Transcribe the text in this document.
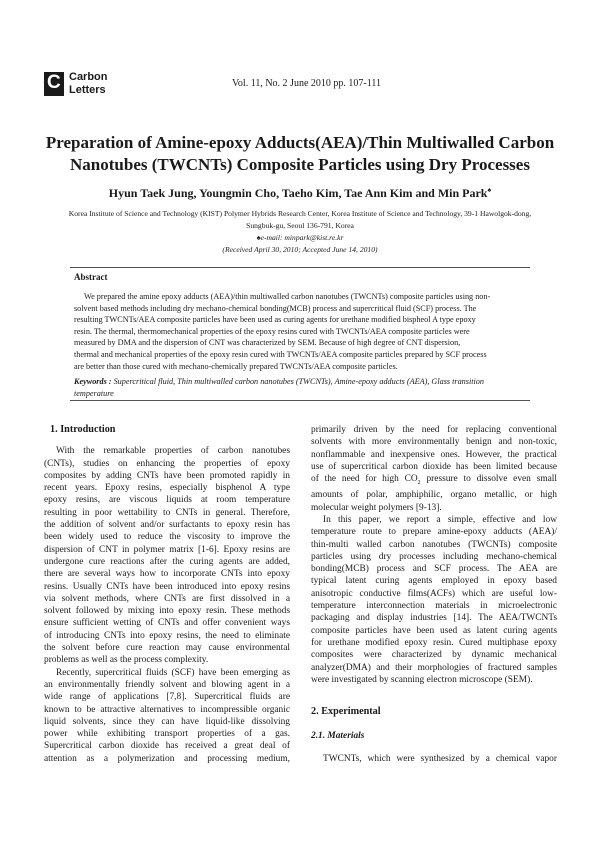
C Carbon
Letters
Vol. 11, No. 2 June 2010 pp. 107-111
Preparation of Amine-epoxy Adducts(AEA)/Thin Multiwalled Carbon
Nanotubes (TWCNTs) Composite Particles using Dry Processes
Hyun Taek Jung, Youngmin Cho, Taeho Kim, Tae Ann Kim and Min Park♠
Korea Institute of Science and Technology (KIST) Polymer Hybrids Research Center, Korea Institute of Science and Technology, 39-1 Hawolgok-dong,
Sungbuk-gu, Seoul 136-791, Korea
♠e-mail: minpark@kist.re.kr
(Received April 30, 2010; Accepted June 14, 2010)
Abstract
We prepared the amine epoxy adducts (AEA)/thin multiwalled carbon nanotubes (TWCNTs) composite particles using non-
solvent based methods including dry mechano-chemical bonding(MCB) process and supercritical fluid (SCF) process. The
resulting TWCNTs/AEA composite particles have been used as curing agents for urethane modified bispheol A type epoxy
resin. The thermal, thermomechanical properties of the epoxy resins cured with TWCNTs/AEA composite particles were
measured by DMA and the dispersion of CNT was characterized by SEM. Because of high degree of CNT dispersion,
thermal and mechanical properties of the epoxy resin cured with TWCNTs/AEA composite particles prepared by SCF process
are better than those cured with mechano-chemically prepared TWCNTs/AEA composite particles.
Keywords : Supercritical fluid, Thin multiwalled carbon nanotubes (TWCNTs), Amine-epoxy adducts (AEA), Glass transition
temperature
1. Introduction
With the remarkable properties of carbon nanotubes
(CNTs), studies on enhancing the properties of epoxy
composites by adding CNTs have been promoted rapidly in
recent years. Epoxy resins, especially bisphenol A type
epoxy resins, are viscous liquids at room temperature
resulting in poor wettability to CNTs in general. Therefore,
the addition of solvent and/or surfactants to epoxy resin has
been widely used to reduce the viscosity to improve the
dispersion of CNT in polymer matrix [1-6]. Epoxy resins are
undergone cure reactions after the curing agents are added,
there are several ways how to incorporate CNTs into epoxy
resins. Usually CNTs have been introduced into epoxy resins
via solvent methods, where CNTs are first dissolved in a
solvent followed by mixing into epoxy resin. These methods
ensure sufficient wetting of CNTs and offer convenient ways
of introducing CNTs into epoxy resins, the need to eliminate
the solvent before cure reaction may cause environmental
problems as well as the process complexity.
Recently, supercritical fluids (SCF) have been emerging as
an environmentally friendly solvent and blowing agent in a
wide range of applications [7,8]. Supercritical fluids are
known to be attractive alternatives to incompressible organic
liquid solvents, since they can have liquid-like dissolving
power while exhibiting transport properties of a gas.
Supercritical carbon dioxide has received a great deal of
attention as a polymerization and processing medium,
primarily driven by the need for replacing conventional
solvents with more environmentally benign and non-toxic,
nonflammable and inexpensive ones. However, the practical
use of supercritical carbon dioxide has been limited because
of the need for high $CO_2$ pressure to dissolve even small
amounts of polar, amphiphilic, organo metallic, or high
molecular weight polymers [9-13].
In this paper, we report a simple, effective and low
temperature route to prepare amine-epoxy adducts (AEA)/
thin-multi walled carbon nanotubes (TWCNTs) composite
particles using dry processes including mechano-chemical
bonding(MCB) process and SCF process. The AEA are
typical latent curing agents employed in epoxy based
anisotropic conductive films(ACFs) which are useful low-
temperature interconnection materials in microelectronic
packaging and display industries [14]. The AEA/TWCNTs
composite particles have been used as latent curing agents
for urethane modified epoxy resin. Cured multiphase epoxy
composites were characterized by dynamic mechanical
analyzer(DMA) and their morphologies of fractured samples
were investigated by scanning electron microscope (SEM).
2. Experimental
2.1. Materials
TWCNTs, which were synthesized by a chemical vapor
